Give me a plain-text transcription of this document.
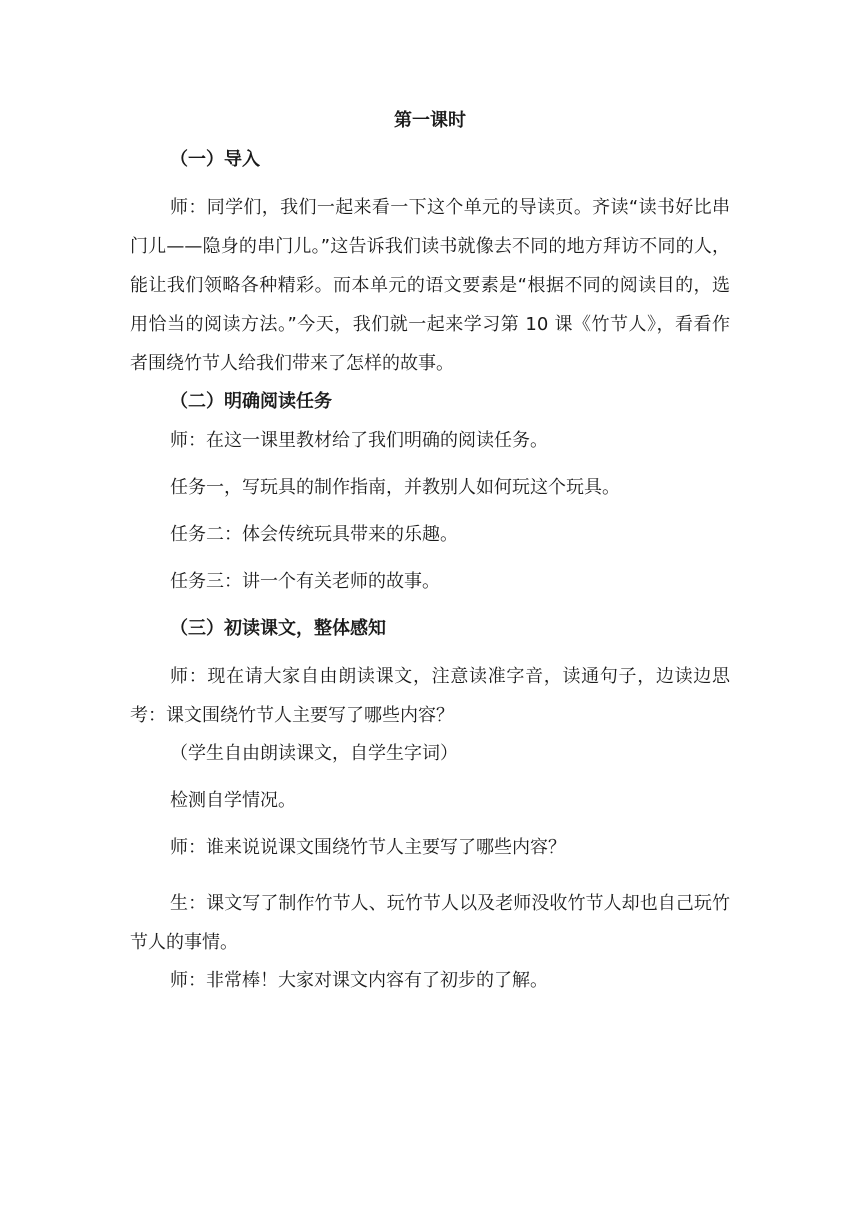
第一课时
（一）导入
师：同学们，我们一起来看一下这个单元的导读页。齐读“读书好比串门儿——隐身的串门儿。”这告诉我们读书就像去不同的地方拜访不同的人，能让我们领略各种精彩。而本单元的语文要素是“根据不同的阅读目的，选用恰当的阅读方法。”今天，我们就一起来学习第 10 课《竹节人》，看看作者围绕竹节人给我们带来了怎样的故事。
（二）明确阅读任务
师：在这一课里教材给了我们明确的阅读任务。
任务一，写玩具的制作指南，并教别人如何玩这个玩具。
任务二：体会传统玩具带来的乐趣。
任务三：讲一个有关老师的故事。
（三）初读课文，整体感知
师：现在请大家自由朗读课文，注意读准字音，读通句子，边读边思考：课文围绕竹节人主要写了哪些内容？
（学生自由朗读课文，自学生字词）
检测自学情况。
师：谁来说说课文围绕竹节人主要写了哪些内容？
生：课文写了制作竹节人、玩竹节人以及老师没收竹节人却也自己玩竹节人的事情。
师：非常棒！大家对课文内容有了初步的了解。
